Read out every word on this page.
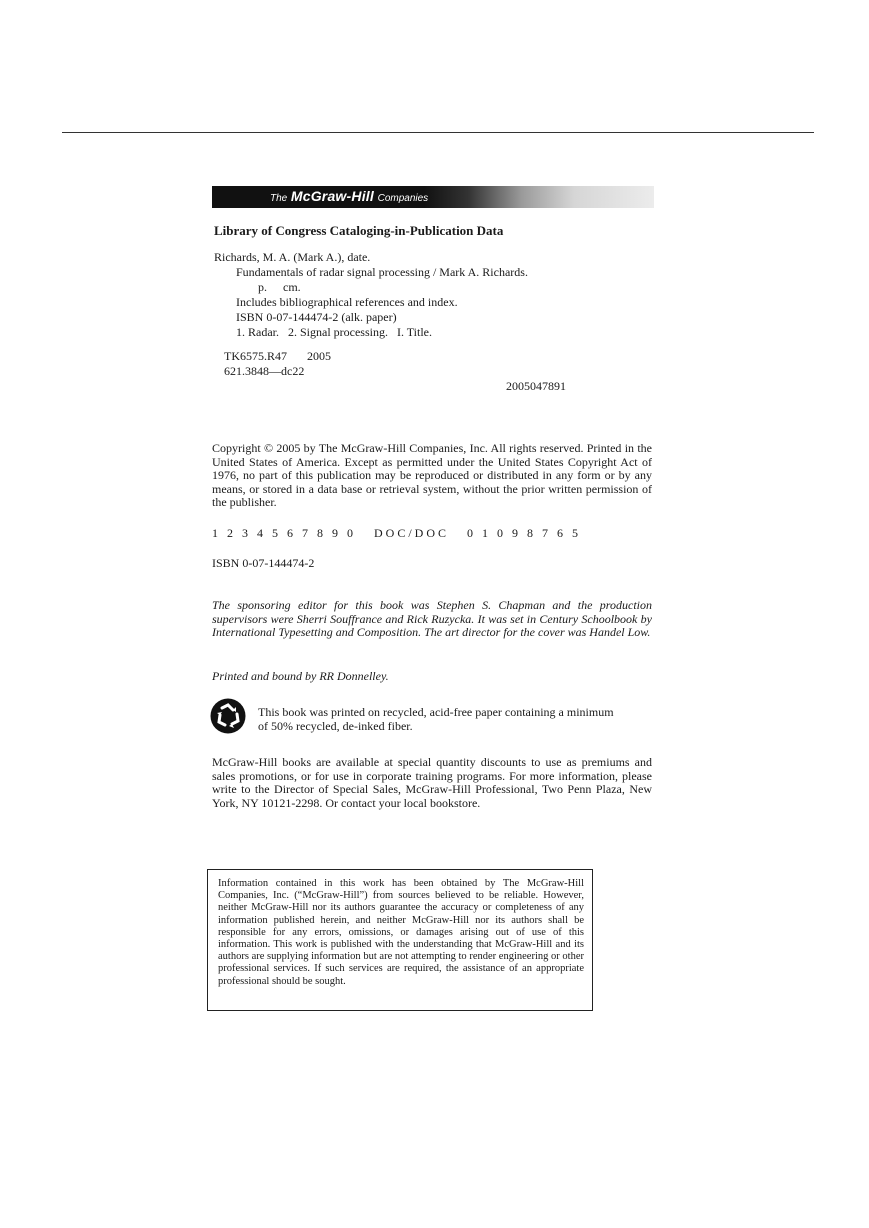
The McGraw-Hill Companies
Library of Congress Cataloging-in-Publication Data
Richards, M. A. (Mark A.), date.
Fundamentals of radar signal processing / Mark A. Richards.
p. cm.
Includes bibliographical references and index.
ISBN 0-07-144474-2 (alk. paper)
1. Radar.   2. Signal processing.   I. Title.
TK6575.R47 2005
621.3848—dc22
2005047891
Copyright © 2005 by The McGraw-Hill Companies, Inc. All rights reserved. Printed in the United States of America. Except as permitted under the United States Copyright Act of 1976, no part of this publication may be reproduced or distributed in any form or by any means, or stored in a data base or retrieval system, without the prior written permission of the publisher.
1 2 3 4 5 6 7 8 9 0   DOC/DOC   0 1 0 9 8 7 6 5
ISBN 0-07-144474-2
The sponsoring editor for this book was Stephen S. Chapman and the production supervisors were Sherri Souffrance and Rick Ruzycka. It was set in Century Schoolbook by International Typesetting and Composition. The art director for the cover was Handel Low.
Printed and bound by RR Donnelley.
This book was printed on recycled, acid-free paper containing a minimum of 50% recycled, de-inked fiber.
McGraw-Hill books are available at special quantity discounts to use as premiums and sales promotions, or for use in corporate training programs. For more information, please write to the Director of Special Sales, McGraw-Hill Professional, Two Penn Plaza, New York, NY 10121-2298. Or contact your local bookstore.
Information contained in this work has been obtained by The McGraw-Hill Companies, Inc. (“McGraw-Hill”) from sources believed to be reliable. However, neither McGraw-Hill nor its authors guarantee the accuracy or completeness of any information published herein, and neither McGraw-Hill nor its authors shall be responsible for any errors, omissions, or damages arising out of use of this information. This work is published with the understanding that McGraw-Hill and its authors are supplying information but are not attempting to render engineering or other professional services. If such services are required, the assistance of an appropriate professional should be sought.
